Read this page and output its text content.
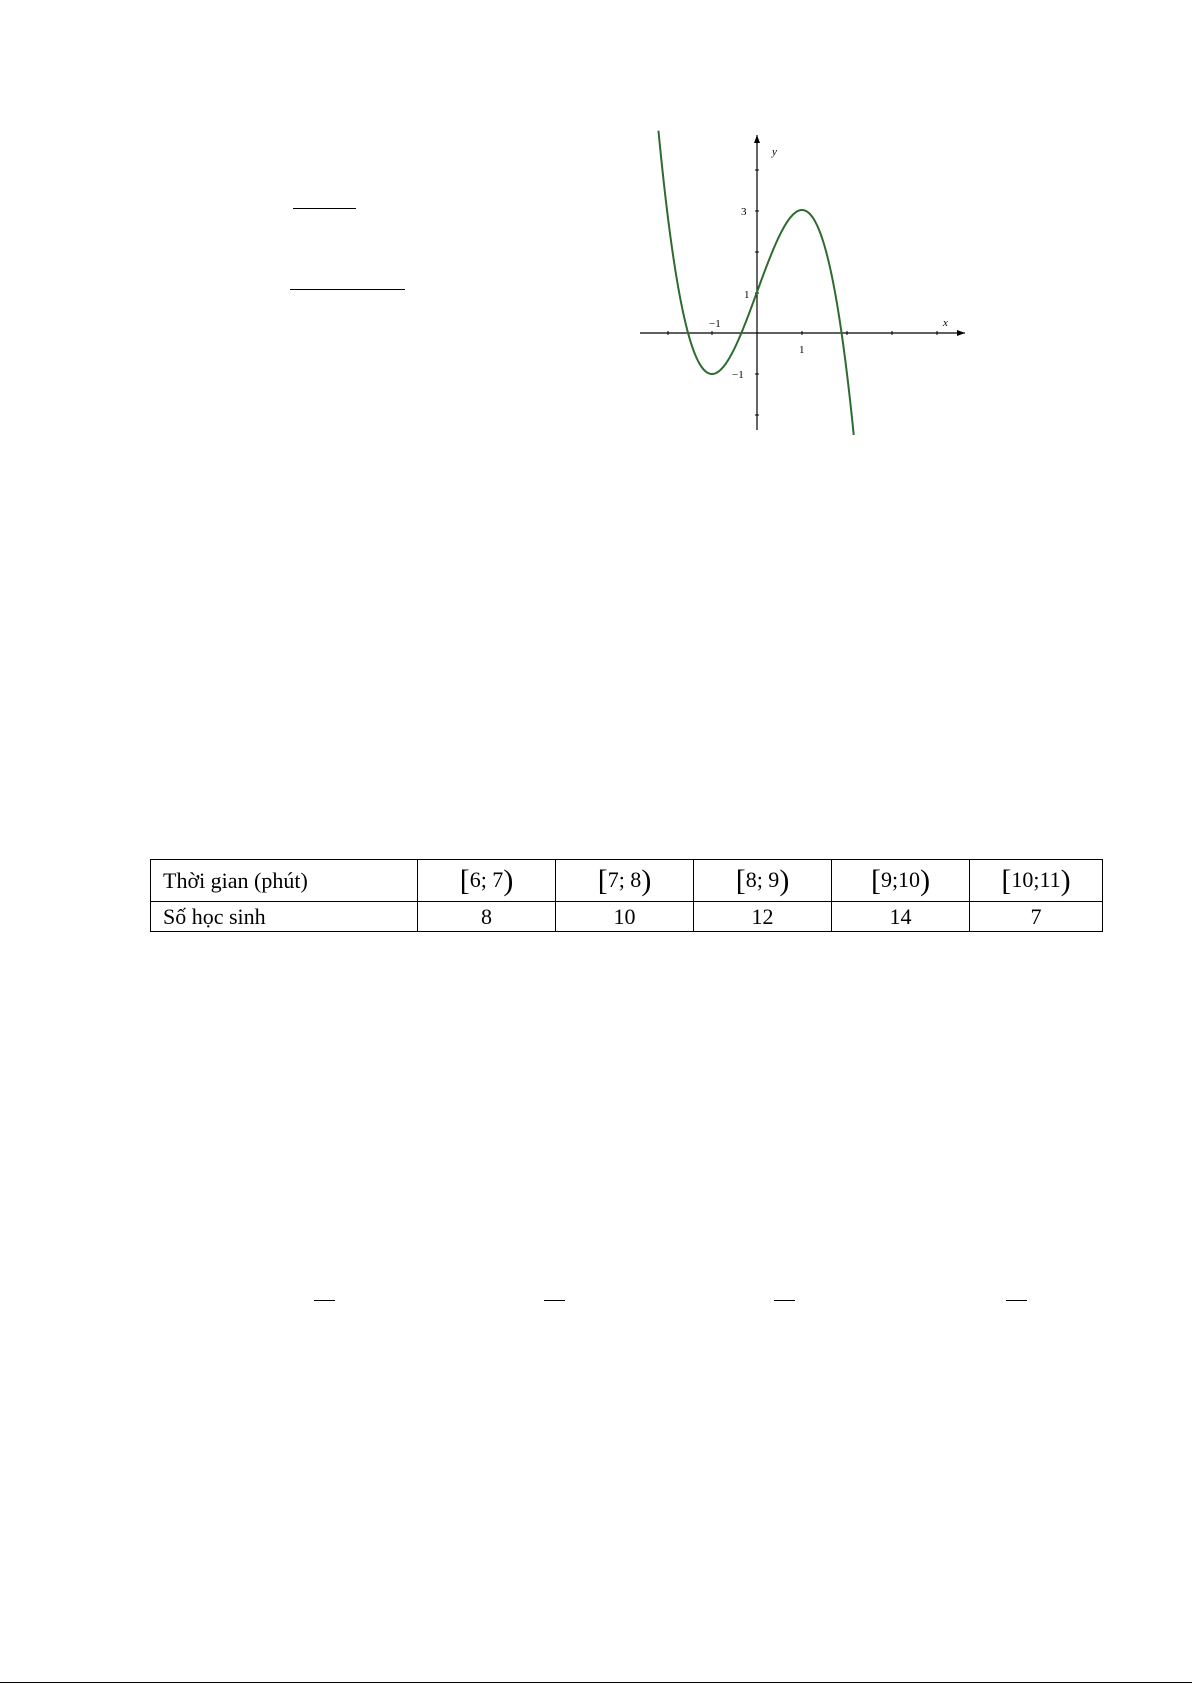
y
x
3
1
−1
1
−1
Thời gian (phút)	[6; 7)	[7; 8)	[8; 9)	[9;10)	[10;11)
Số học sinh	8	10	12	14	7
